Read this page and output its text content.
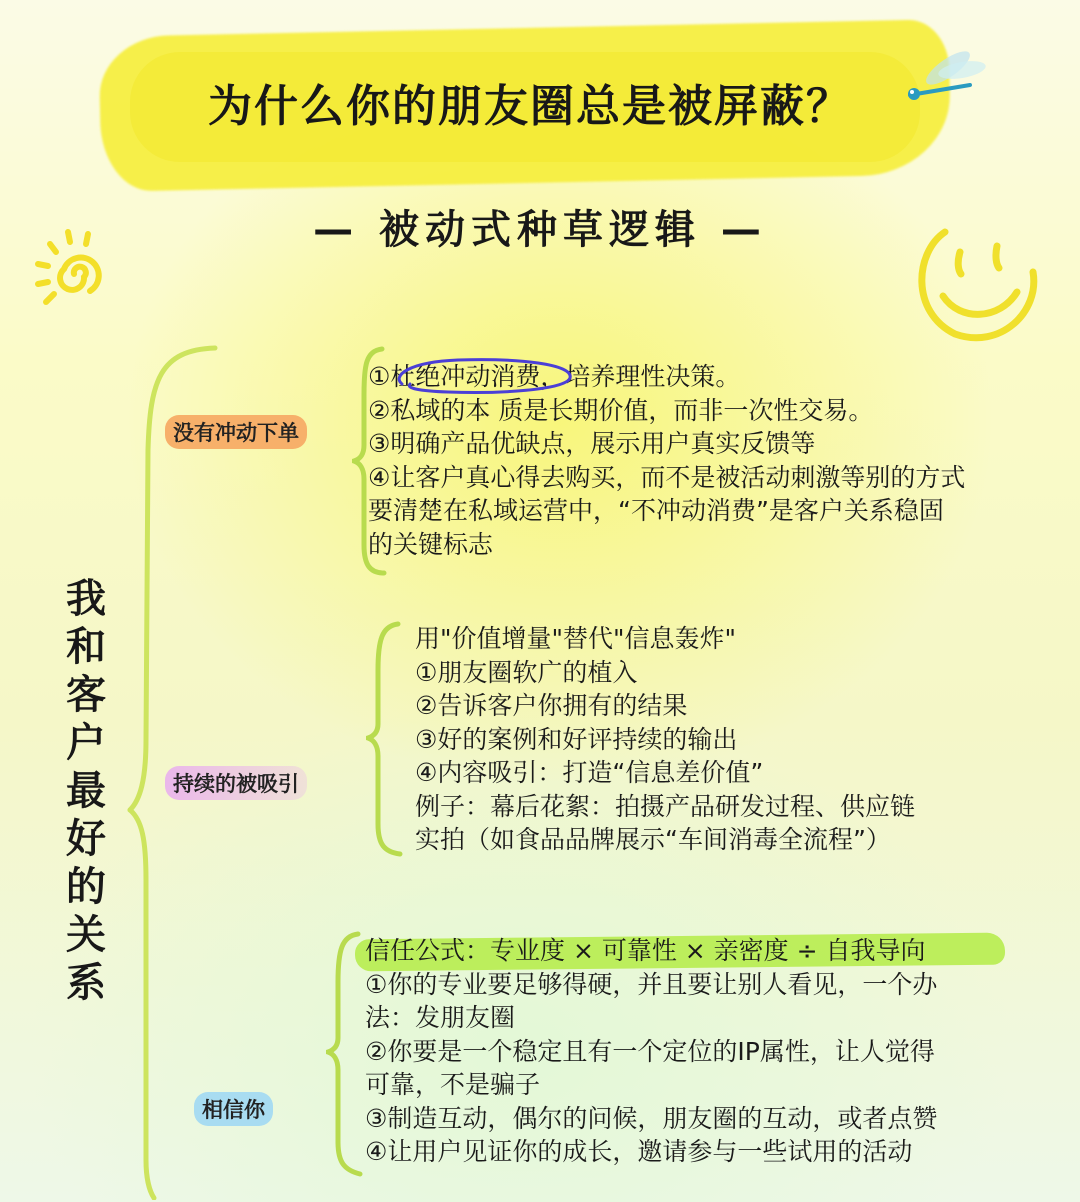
为什么你的朋友圈总是被屏蔽？
— 被动式种草逻辑 —
我和客户最好的关系
没有冲动下单
持续的被吸引
相信你
①杜绝冲动消费，培养理性决策。
②私域的本 质是长期价值，而非一次性交易。
③明确产品优缺点，展示用户真实反馈等
④让客户真心得去购买，而不是被活动刺激等别的方式
要清楚在私域运营中，“不冲动消费”是客户关系稳固
的关键标志
用"价值增量"替代"信息轰炸"
①朋友圈软广的植入
②告诉客户你拥有的结果
③好的案例和好评持续的输出
④内容吸引：打造“信息差价值”
例子：幕后花絮：拍摄产品研发过程、供应链
实拍（如食品品牌展示“车间消毒全流程”）
信任公式：专业度 × 可靠性 × 亲密度 ÷ 自我导向
①你的专业要足够得硬，并且要让别人看见，一个办
法：发朋友圈
②你要是一个稳定且有一个定位的IP属性，让人觉得
可靠，不是骗子
③制造互动，偶尔的问候，朋友圈的互动，或者点赞
④让用户见证你的成长，邀请参与一些试用的活动
